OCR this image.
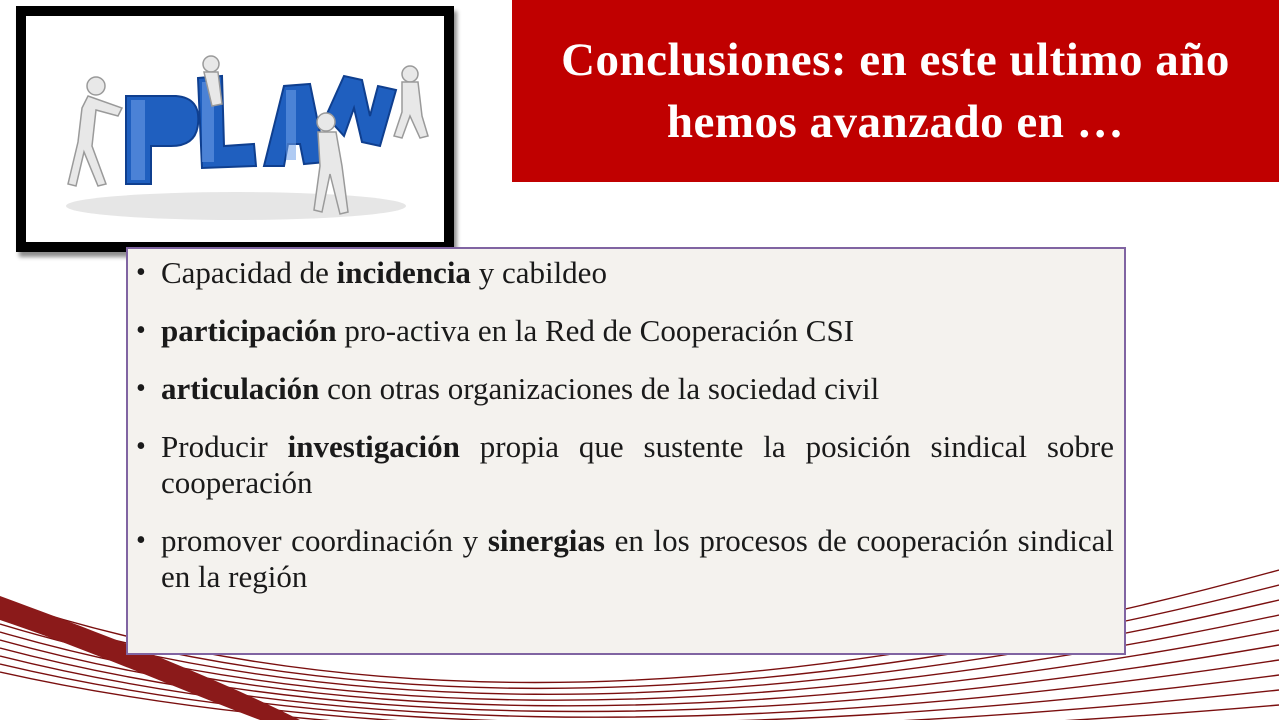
Conclusiones: en este ultimo año hemos avanzado en …
• Capacidad de incidencia y cabildeo
• participación pro-activa en la Red de Cooperación CSI
• articulación con otras organizaciones de la sociedad civil
• Producir investigación propia que sustente la posición sindical sobre cooperación
• promover coordinación y sinergias en los procesos de cooperación sindical en la región
